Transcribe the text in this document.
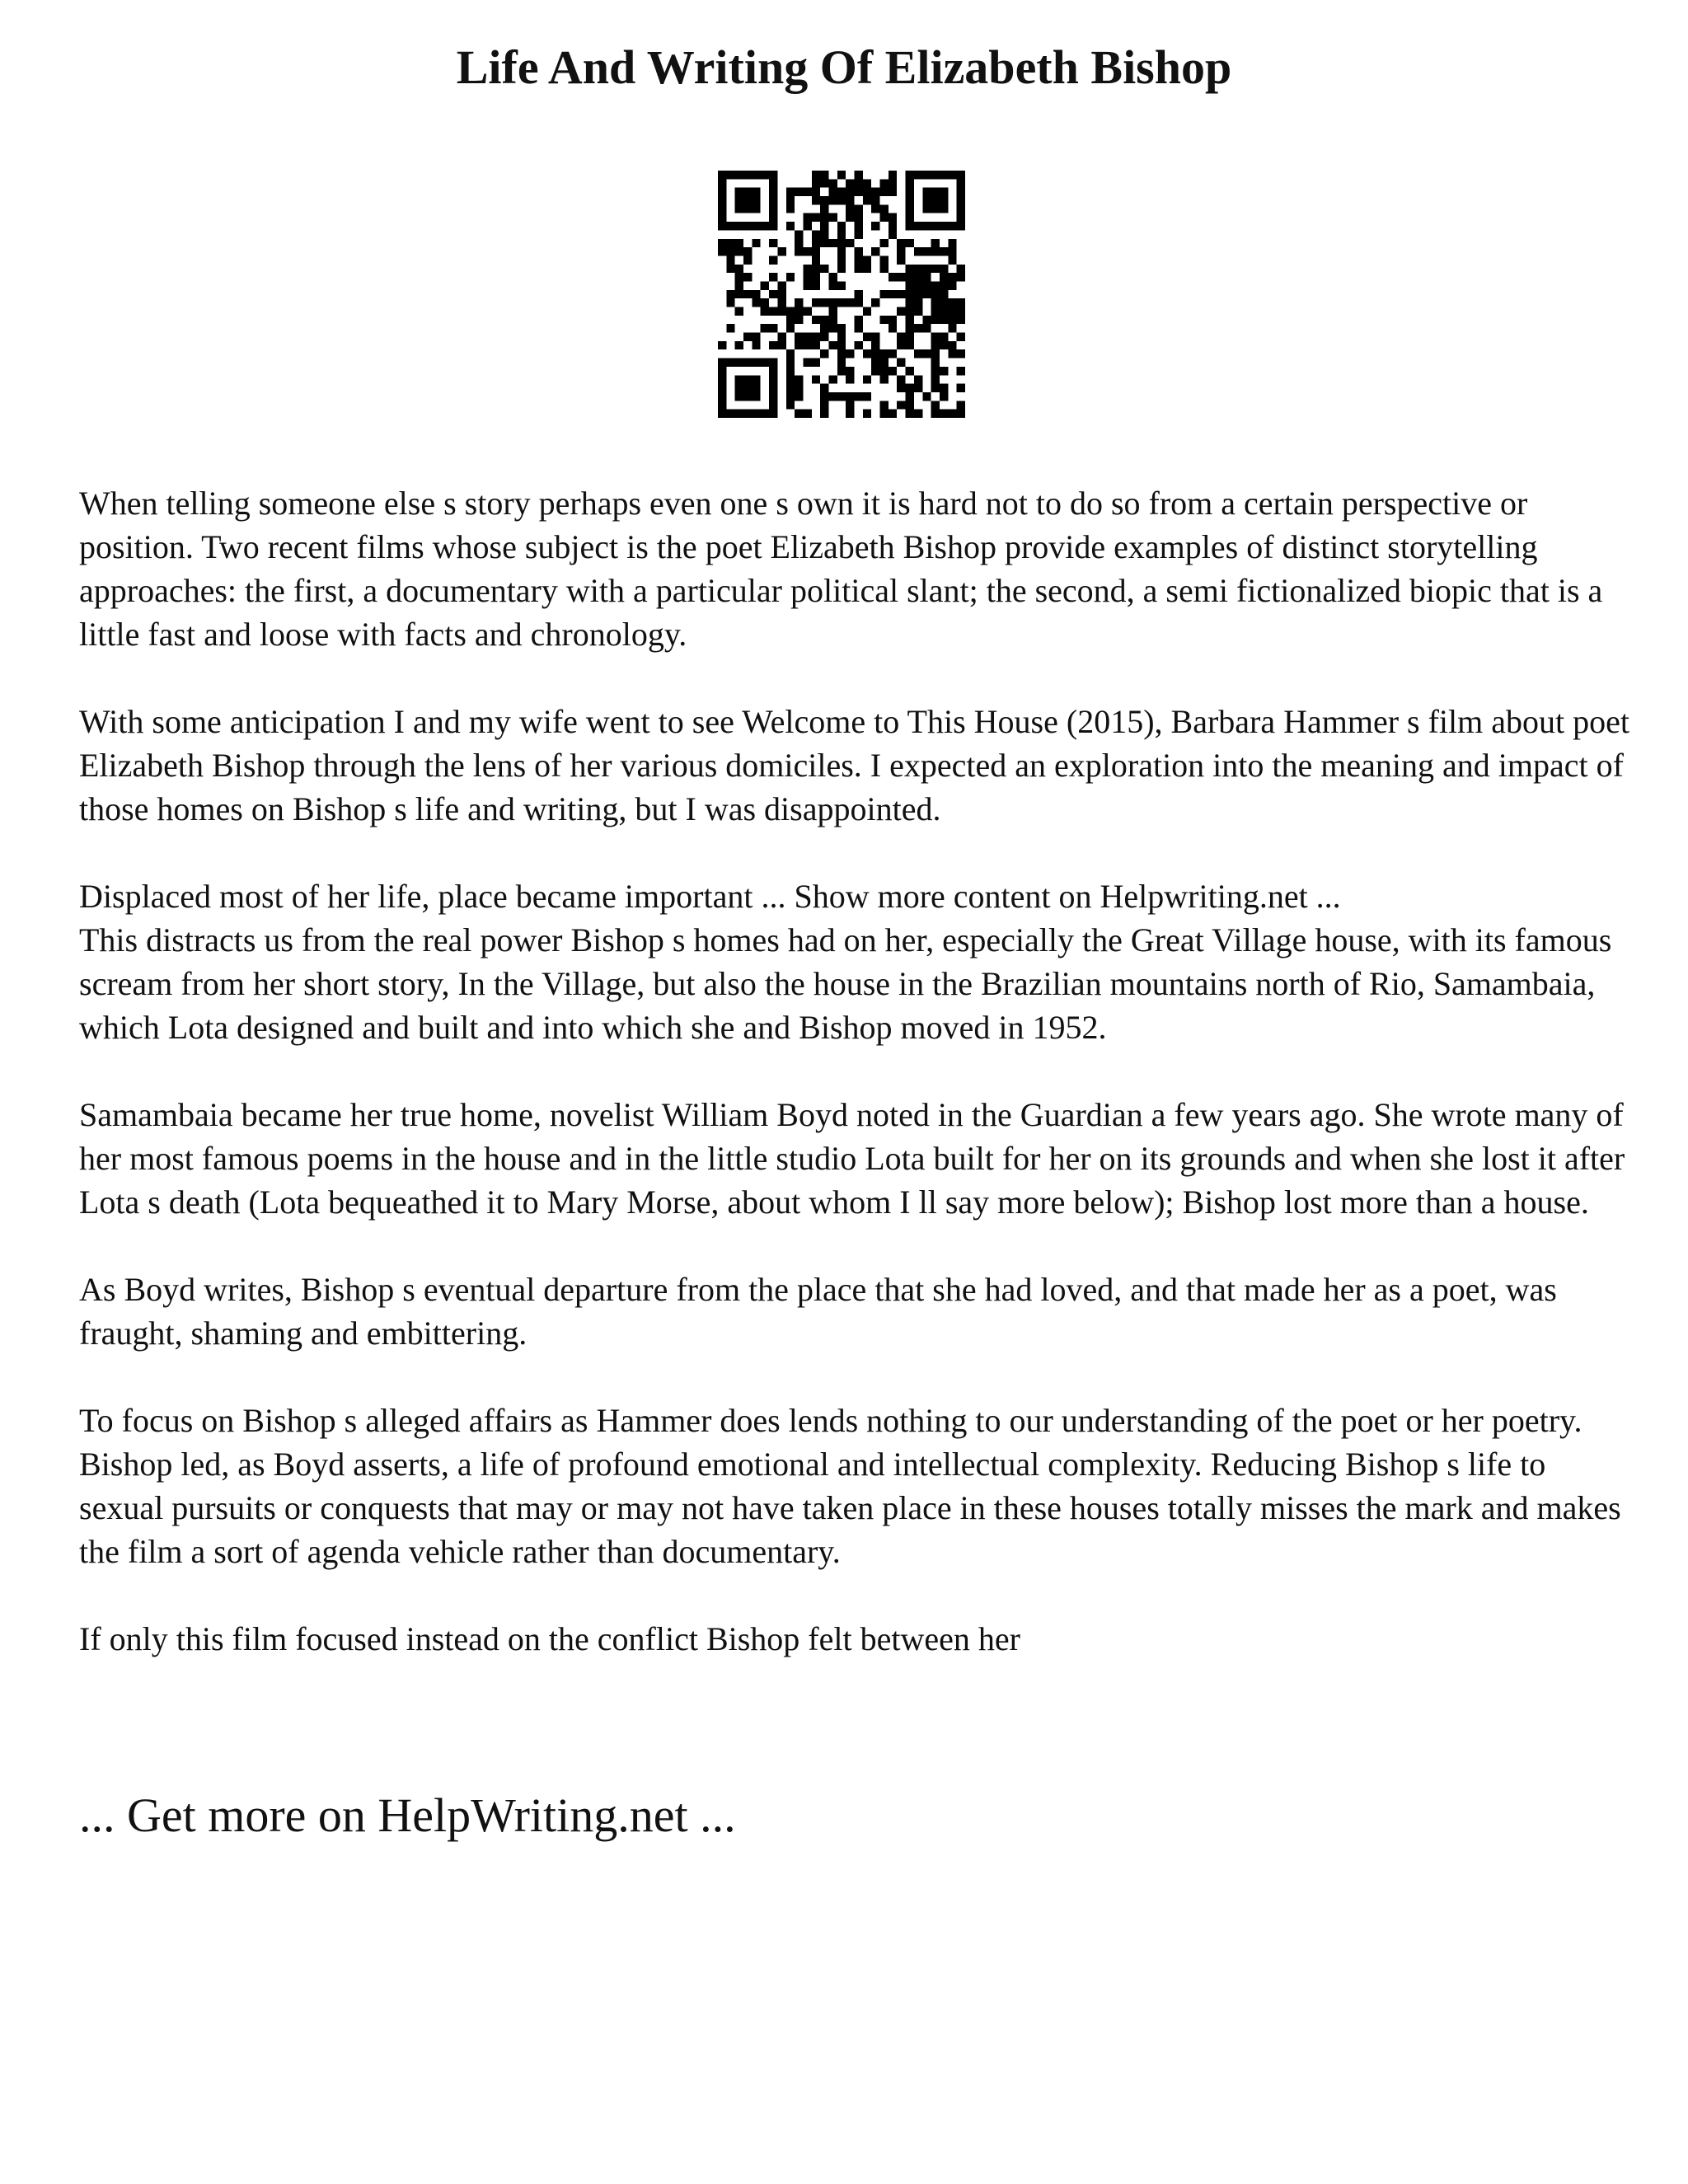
Life And Writing Of Elizabeth Bishop

When telling someone else s story perhaps even one s own it is hard not to do so from a certain perspective or position. Two recent films whose subject is the poet Elizabeth Bishop provide examples of distinct storytelling approaches: the first, a documentary with a particular political slant; the second, a semi fictionalized biopic that is a little fast and loose with facts and chronology.

With some anticipation I and my wife went to see Welcome to This House (2015), Barbara Hammer s film about poet Elizabeth Bishop through the lens of her various domiciles. I expected an exploration into the meaning and impact of those homes on Bishop s life and writing, but I was disappointed.

Displaced most of her life, place became important ... Show more content on Helpwriting.net ...

This distracts us from the real power Bishop s homes had on her, especially the Great Village house, with its famous scream from her short story, In the Village, but also the house in the Brazilian mountains north of Rio, Samambaia, which Lota designed and built and into which she and Bishop moved in 1952.

Samambaia became her true home, novelist William Boyd noted in the Guardian a few years ago. She wrote many of her most famous poems in the house and in the little studio Lota built for her on its grounds and when she lost it after Lota s death (Lota bequeathed it to Mary Morse, about whom I ll say more below); Bishop lost more than a house.

As Boyd writes, Bishop s eventual departure from the place that she had loved, and that made her as a poet, was fraught, shaming and embittering.

To focus on Bishop s alleged affairs as Hammer does lends nothing to our understanding of the poet or her poetry. Bishop led, as Boyd asserts, a life of profound emotional and intellectual complexity. Reducing Bishop s life to sexual pursuits or conquests that may or may not have taken place in these houses totally misses the mark and makes the film a sort of agenda vehicle rather than documentary.

If only this film focused instead on the conflict Bishop felt between her

... Get more on HelpWriting.net ...
